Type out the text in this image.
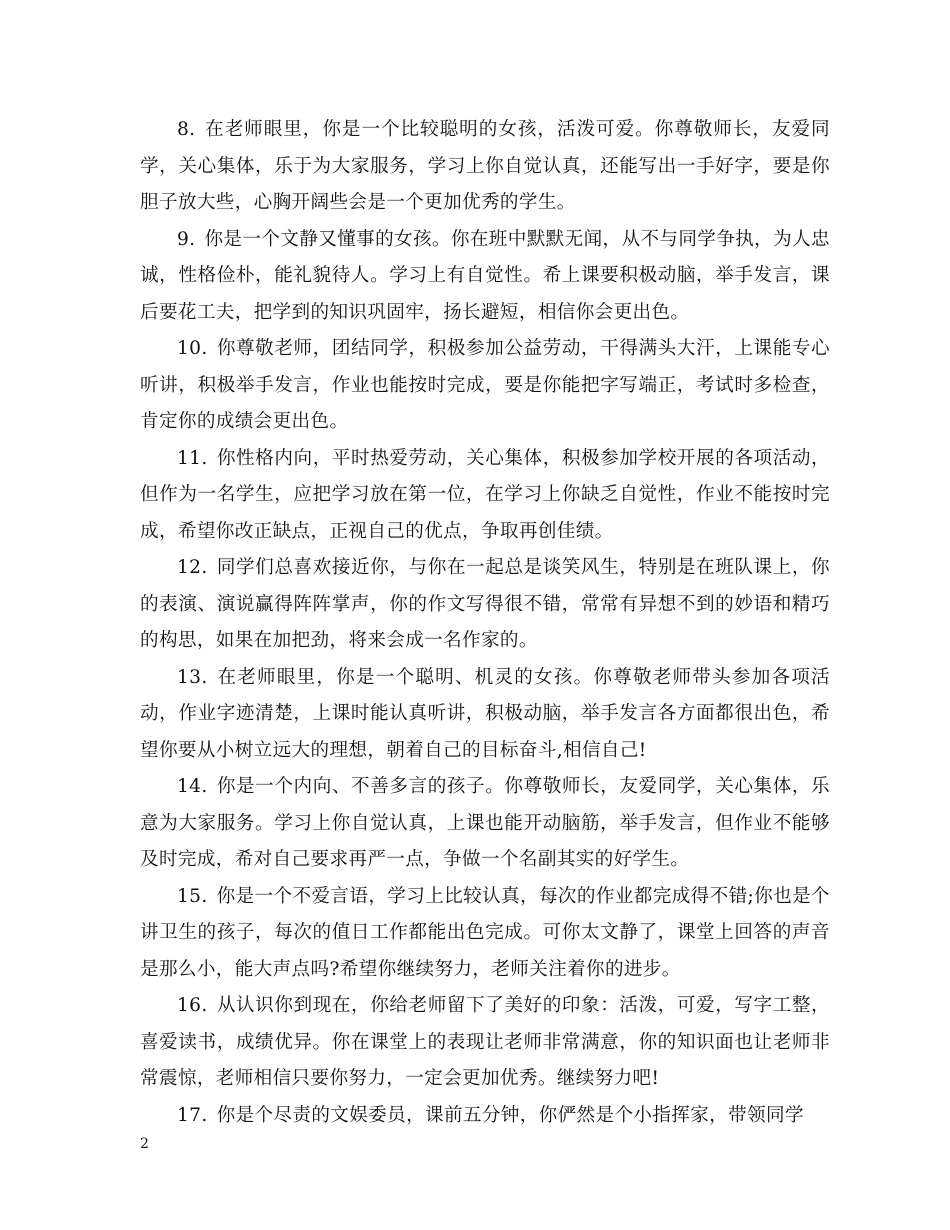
8. 在老师眼里，你是一个比较聪明的女孩，活泼可爱。你尊敬师长，友爱同学，关心集体，乐于为大家服务，学习上你自觉认真，还能写出一手好字，要是你胆子放大些，心胸开阔些会是一个更加优秀的学生。

9. 你是一个文静又懂事的女孩。你在班中默默无闻，从不与同学争执，为人忠诚，性格俭朴，能礼貌待人。学习上有自觉性。希上课要积极动脑，举手发言，课后要花工夫，把学到的知识巩固牢，扬长避短，相信你会更出色。

10. 你尊敬老师，团结同学，积极参加公益劳动，干得满头大汗，上课能专心听讲，积极举手发言，作业也能按时完成，要是你能把字写端正，考试时多检查，肯定你的成绩会更出色。

11. 你性格内向，平时热爱劳动，关心集体，积极参加学校开展的各项活动，但作为一名学生，应把学习放在第一位，在学习上你缺乏自觉性，作业不能按时完成，希望你改正缺点，正视自己的优点，争取再创佳绩。

12. 同学们总喜欢接近你，与你在一起总是谈笑风生，特别是在班队课上，你的表演、演说赢得阵阵掌声，你的作文写得很不错，常常有异想不到的妙语和精巧的构思，如果在加把劲，将来会成一名作家的。

13. 在老师眼里，你是一个聪明、机灵的女孩。你尊敬老师带头参加各项活动，作业字迹清楚，上课时能认真听讲，积极动脑，举手发言各方面都很出色，希望你要从小树立远大的理想，朝着自己的目标奋斗,相信自己!

14. 你是一个内向、不善多言的孩子。你尊敬师长，友爱同学，关心集体，乐意为大家服务。学习上你自觉认真，上课也能开动脑筋，举手发言，但作业不能够及时完成，希对自己要求再严一点，争做一个名副其实的好学生。

15. 你是一个不爱言语，学习上比较认真，每次的作业都完成得不错;你也是个讲卫生的孩子，每次的值日工作都能出色完成。可你太文静了，课堂上回答的声音是那么小，能大声点吗?希望你继续努力，老师关注着你的进步。

16. 从认识你到现在，你给老师留下了美好的印象：活泼，可爱，写字工整，喜爱读书，成绩优异。你在课堂上的表现让老师非常满意，你的知识面也让老师非常震惊，老师相信只要你努力，一定会更加优秀。继续努力吧!

17. 你是个尽责的文娱委员，课前五分钟，你俨然是个小指挥家，带领同学

2
